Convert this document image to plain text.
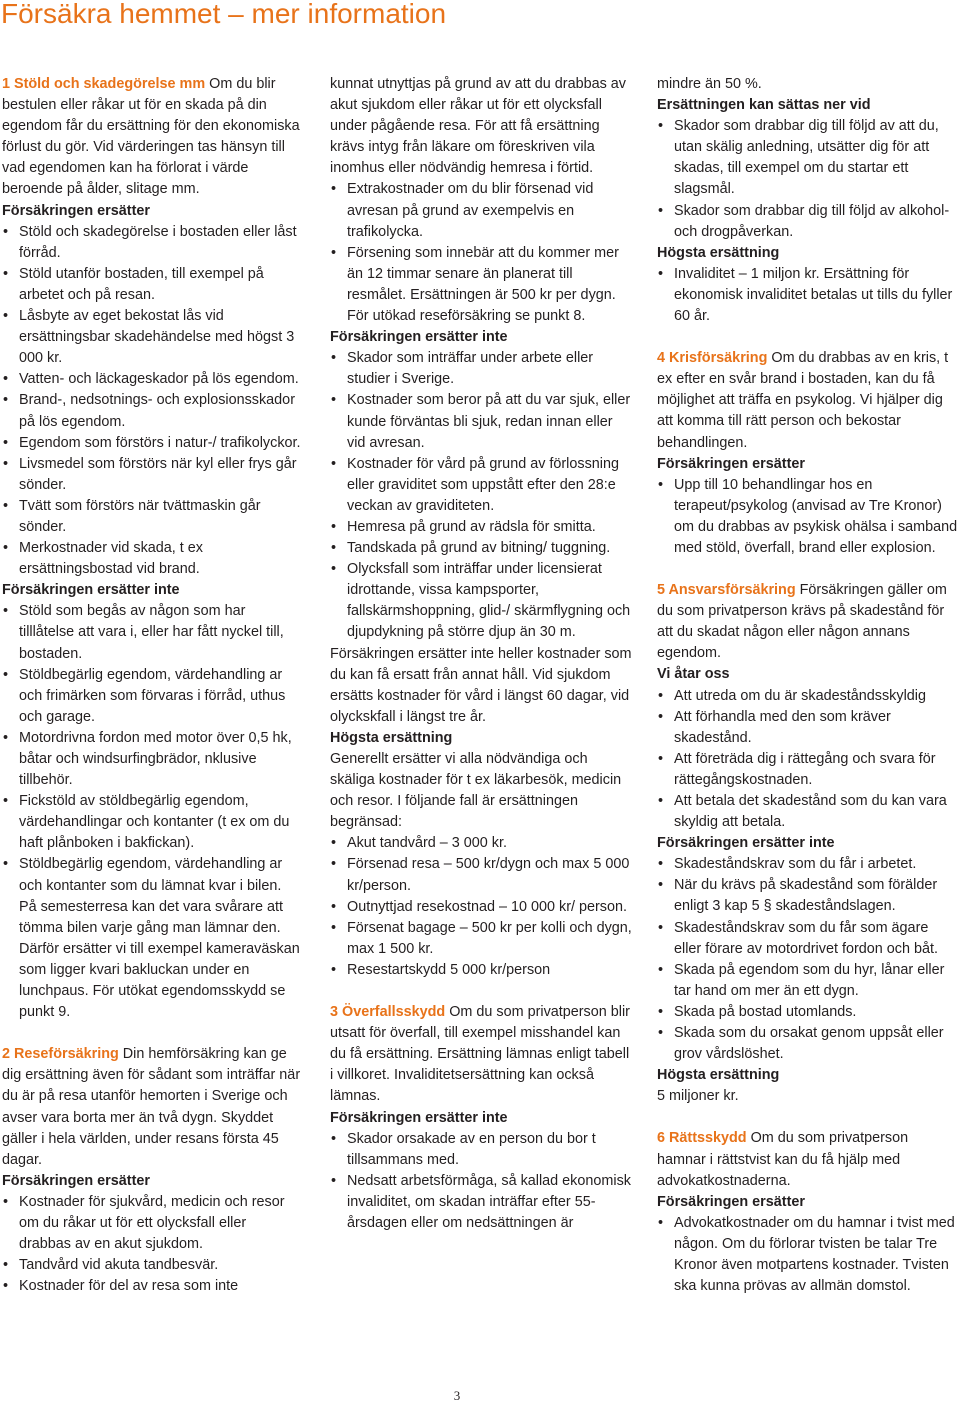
Försäkra hemmet – mer information

1 Stöld och skadegörelse mm Om du blir bestulen eller råkar ut för en skada på din egendom får du ersättning för den ekonomiska förlust du gör. Vid värderingen tas hänsyn till vad egendomen kan ha förlorat i värde beroende på ålder, slitage mm.

Försäkringen ersätter

• Stöld och skadegörelse i bostaden eller låst förråd.

• Stöld utanför bostaden, till exempel på arbetet och på resan.

• Låsbyte av eget bekostat lås vid ersättningsbar skadehändelse med högst 3 000 kr.

• Vatten- och läckageskador på lös egendom.

• Brand-, nedsotnings- och explosionsskador på lös egendom.

• Egendom som förstörs i natur-/ trafikolyckor.

• Livsmedel som förstörs när kyl eller frys går sönder.

• Tvätt som förstörs när tvättmaskin går sönder.

• Merkostnader vid skada, t ex ersättningsbostad vid brand.

Försäkringen ersätter inte

• Stöld som begås av någon som har tilllåtelse att vara i, eller har fått nyckel till, bostaden.

• Stöldbegärlig egendom, värdehandling ar och frimärken som förvaras i förråd, uthus och garage.

• Motordrivna fordon med motor över 0,5 hk, båtar och windsurfingbrädor, nklusive tillbehör.

• Fickstöld av stöldbegärlig egendom, värdehandlingar och kontanter (t ex om du haft plånboken i bakfickan).

• Stöldbegärlig egendom, värdehandling ar och kontanter som du lämnat kvar i bilen. På semesterresa kan det vara svårare att tömma bilen varje gång man lämnar den. Därför ersätter vi till exempel kameraväskan som ligger kvari bakluckan under en lunchpaus. För utökat egendomsskydd se punkt 9.

2 Reseförsäkring Din hemförsäkring kan ge dig ersättning även för sådant som inträffar när du är på resa utanför hemorten i Sverige och avser vara borta mer än två dygn. Skyddet gäller i hela världen, under resans första 45 dagar.

Försäkringen ersätter

• Kostnader för sjukvård, medicin och resor om du råkar ut för ett olycksfall eller drabbas av en akut sjukdom.

• Tandvård vid akuta tandbesvär.

• Kostnader för del av resa som inte

kunnat utnyttjas på grund av att du drabbas av akut sjukdom eller råkar ut för ett olycksfall under pågående resa. För att få ersättning krävs intyg från läkare om föreskriven vila inomhus eller nödvändig hemresa i förtid.

• Extrakostnader om du blir försenad vid avresan på grund av exempelvis en trafikolycka.

• Försening som innebär att du kommer mer än 12 timmar senare än planerat till resmålet. Ersättningen är 500 kr per dygn. För utökad reseförsäkring se punkt 8.

Försäkringen ersätter inte

• Skador som inträffar under arbete eller studier i Sverige.

• Kostnader som beror på att du var sjuk, eller kunde förväntas bli sjuk, redan innan eller vid avresan.

• Kostnader för vård på grund av förlossning eller graviditet som uppstått efter den 28:e veckan av graviditeten.

• Hemresa på grund av rädsla för smitta.

• Tandskada på grund av bitning/ tuggning.

• Olycksfall som inträffar under licensierat idrottande, vissa kampsporter, fallskärmshoppning, glid-/ skärmflygning och djupdykning på större djup än 30 m.

Försäkringen ersätter inte heller kostnader som du kan få ersatt från annat håll. Vid sjukdom ersätts kostnader för vård i längst 60 dagar, vid olyckskfall i längst tre år.

Högsta ersättning

Generellt ersätter vi alla nödvändiga och skäliga kostnader för t ex läkarbesök, medicin och resor. I följande fall är ersättningen begränsad:

• Akut tandvård – 3 000 kr.

• Försenad resa – 500 kr/dygn och max 5 000 kr/person.

• Outnyttjad resekostnad – 10 000 kr/ person.

• Försenat bagage – 500 kr per kolli och dygn, max 1 500 kr.

• Resestartskydd 5 000 kr/person

3 Överfallsskydd Om du som privatperson blir utsatt för överfall, till exempel misshandel kan du få ersättning. Ersättning lämnas enligt tabell i villkoret. Invaliditetsersättning kan också lämnas.

Försäkringen ersätter inte

• Skador orsakade av en person du bor t tillsammans med.

• Nedsatt arbetsförmåga, så kallad ekonomisk invaliditet, om skadan inträffar efter 55-årsdagen eller om nedsättningen är

mindre än 50 %.

Ersättningen kan sättas ner vid

• Skador som drabbar dig till följd av att du, utan skälig anledning, utsätter dig för att skadas, till exempel om du startar ett slagsmål.

• Skador som drabbar dig till följd av alkohol- och drogpåverkan.

Högsta ersättning

• Invaliditet – 1 miljon kr. Ersättning för ekonomisk invaliditet betalas ut tills du fyller 60 år.

4 Krisförsäkring Om du drabbas av en kris, t ex efter en svår brand i bostaden, kan du få möjlighet att träffa en psykolog. Vi hjälper dig att komma till rätt person och bekostar behandlingen.

Försäkringen ersätter

• Upp till 10 behandlingar hos en terapeut/psykolog (anvisad av Tre Kronor) om du drabbas av psykisk ohälsa i samband med stöld, överfall, brand eller explosion.

5 Ansvarsförsäkring Försäkringen gäller om du som privatperson krävs på skadestånd för att du skadat någon eller någon annans egendom.

Vi åtar oss

• Att utreda om du är skadeståndsskyldig

• Att förhandla med den som kräver skadestånd.

• Att företräda dig i rättegång och svara för rättegångskostnaden.

• Att betala det skadestånd som du kan vara skyldig att betala.

Försäkringen ersätter inte

• Skadeståndskrav som du får i arbetet.

• När du krävs på skadestånd som förälder enligt 3 kap 5 § skadeståndslagen.

• Skadeståndskrav som du får som ägare eller förare av motordrivet fordon och båt.

• Skada på egendom som du hyr, lånar eller tar hand om mer än ett dygn.

• Skada på bostad utomlands.

• Skada som du orsakat genom uppsåt eller grov vårdslöshet.

Högsta ersättning

5 miljoner kr.

6 Rättsskydd Om du som privatperson hamnar i rättstvist kan du få hjälp med advokatkostnaderna.

Försäkringen ersätter

• Advokatkostnader om du hamnar i tvist med någon. Om du förlorar tvisten be talar Tre Kronor även motpartens kostnader. Tvisten ska kunna prövas av allmän domstol.

3
